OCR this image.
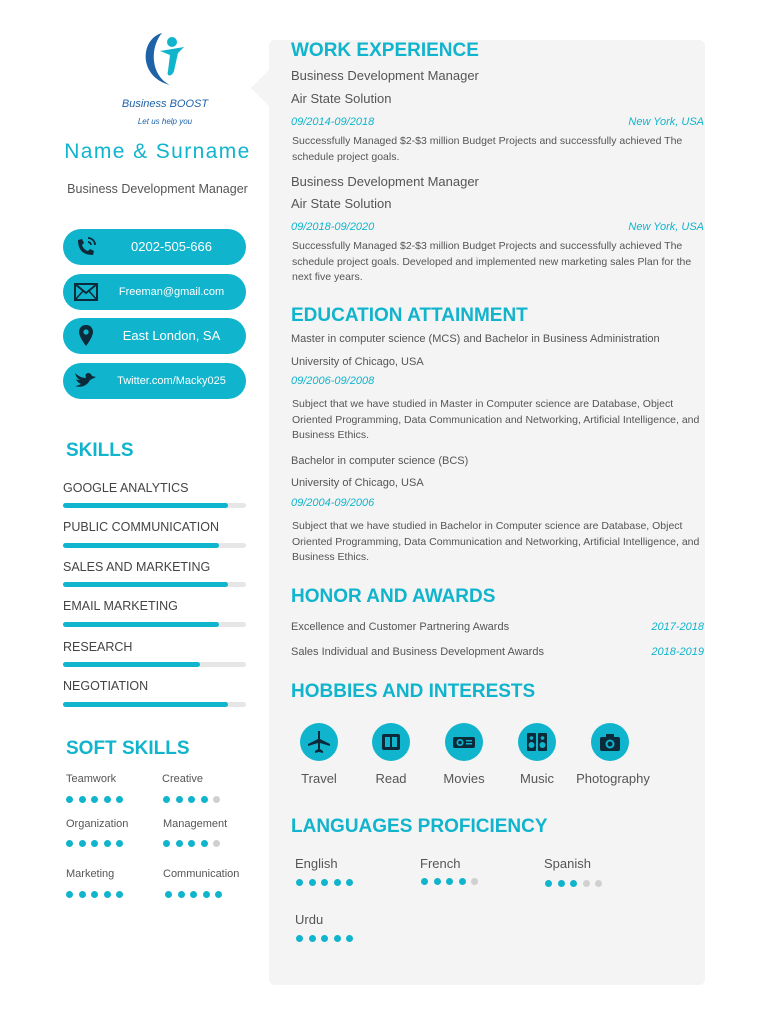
Business BOOST
Let us help you
Name & Surname
Business Development Manager
0202-505-666
Freeman@gmail.com
East London, SA
Twitter.com/Macky025
SKILLS
GOOGLE ANALYTICS
PUBLIC COMMUNICATION
SALES AND MARKETING
EMAIL MARKETING
RESEARCH
NEGOTIATION
SOFT SKILLS
Teamwork	Creative
Organization	Management
Marketing	Communication
WORK EXPERIENCE
Business Development Manager
Air State Solution
09/2014-09/2018	New York, USA
Successfully Managed $2-$3 million Budget Projects and successfully achieved The schedule project goals.
Business Development Manager
Air State Solution
09/2018-09/2020	New York, USA
Successfully Managed $2-$3 million Budget Projects and successfully achieved The schedule project goals. Developed and implemented new marketing sales Plan for the next five years.
EDUCATION ATTAINMENT
Master in computer science (MCS) and Bachelor in Business Administration
University of Chicago, USA
09/2006-09/2008
Subject that we have studied in Master in Computer science are Database, Object Oriented Programming, Data Communication and Networking, Artificial Intelligence, and Business Ethics.
Bachelor in computer science (BCS)
University of Chicago, USA
09/2004-09/2006
Subject that we have studied in Bachelor in Computer science are Database, Object Oriented Programming, Data Communication and Networking, Artificial Intelligence, and Business Ethics.
HONOR AND AWARDS
Excellence and Customer Partnering Awards	2017-2018
Sales Individual and Business Development Awards	2018-2019
HOBBIES AND INTERESTS
Travel	Read	Movies	Music	Photography
LANGUAGES PROFICIENCY
English	French	Spanish
Urdu
